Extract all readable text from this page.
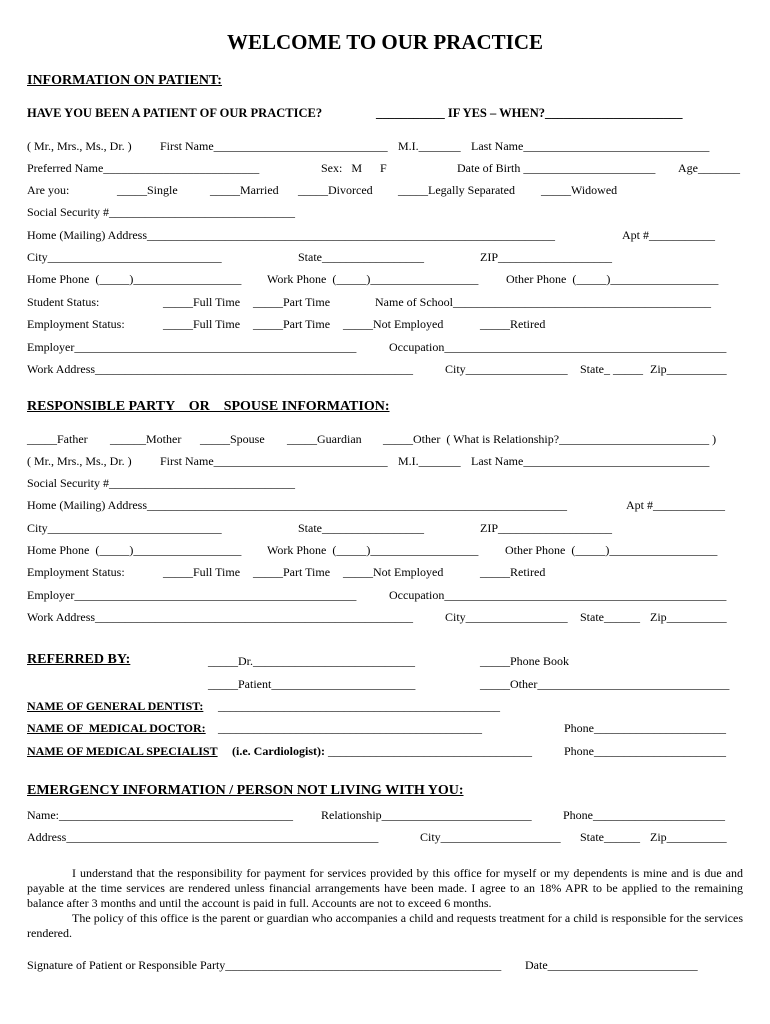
WELCOME TO OUR PRACTICE
INFORMATION ON PATIENT:
HAVE YOU BEEN A PATIENT OF OUR PRACTICE?	___________ IF YES – WHEN?______________________
( Mr., Mrs., Ms., Dr. ) First Name_____________________________ M.I._______ Last Name_______________________________
Preferred Name__________________________	Sex:   M      F	Date of Birth ______________________ Age_______
Are you:	_____Single	_____Married _____Divorced _____Legally Separated _____Widowed
Social Security #_______________________________
Home (Mailing) Address____________________________________________________________________	Apt #___________
City_____________________________	State_________________	ZIP___________________
Home Phone  (_____)__________________ Work Phone  (_____)__________________ Other Phone  (_____)__________________
Student Status:	_____Full Time _____Part Time	Name of School___________________________________________
Employment Status:	_____Full Time _____Part Time _____Not Employed	_____Retired
Employer_______________________________________________	Occupation_______________________________________________
Work Address_____________________________________________________	City_________________ State_ _____ Zip__________
RESPONSIBLE PARTY    OR    SPOUSE INFORMATION:
_____Father ______Mother _____Spouse _____Guardian _____Other  ( What is Relationship?_________________________ )
( Mr., Mrs., Ms., Dr. ) First Name_____________________________ M.I._______ Last Name_______________________________
Social Security #_______________________________
Home (Mailing) Address______________________________________________________________________	Apt #____________
City_____________________________	State_________________	ZIP___________________
Home Phone  (_____)__________________ Work Phone  (_____)__________________ Other Phone  (_____)__________________
Employment Status:	_____Full Time _____Part Time _____Not Employed	_____Retired
Employer_______________________________________________	Occupation_______________________________________________
Work Address_____________________________________________________	City_________________ State______ Zip__________
REFERRED BY:	_____Dr.___________________________	_____Phone Book
_____Patient________________________	_____Other________________________________
NAME OF GENERAL DENTIST: _______________________________________________
NAME OF  MEDICAL DOCTOR: ____________________________________________	Phone______________________
NAME OF MEDICAL SPECIALIST (i.e. Cardiologist): __________________________________	Phone______________________
EMERGENCY INFORMATION / PERSON NOT LIVING WITH YOU:
Name:_______________________________________ Relationship_________________________	Phone______________________
Address____________________________________________________	City____________________ State______ Zip__________

I understand that the responsibility for payment for services provided by this office for myself or my dependents is mine and is due and payable at the time services are rendered unless financial arrangements have been made. I agree to an 18% APR to be applied to the remaining balance after 3 months and until the account is paid in full. Accounts are not to exceed 6 months.

The policy of this office is the parent or guardian who accompanies a child and requests treatment for a child is responsible for the services rendered.

Signature of Patient or Responsible Party______________________________________________ Date_________________________
